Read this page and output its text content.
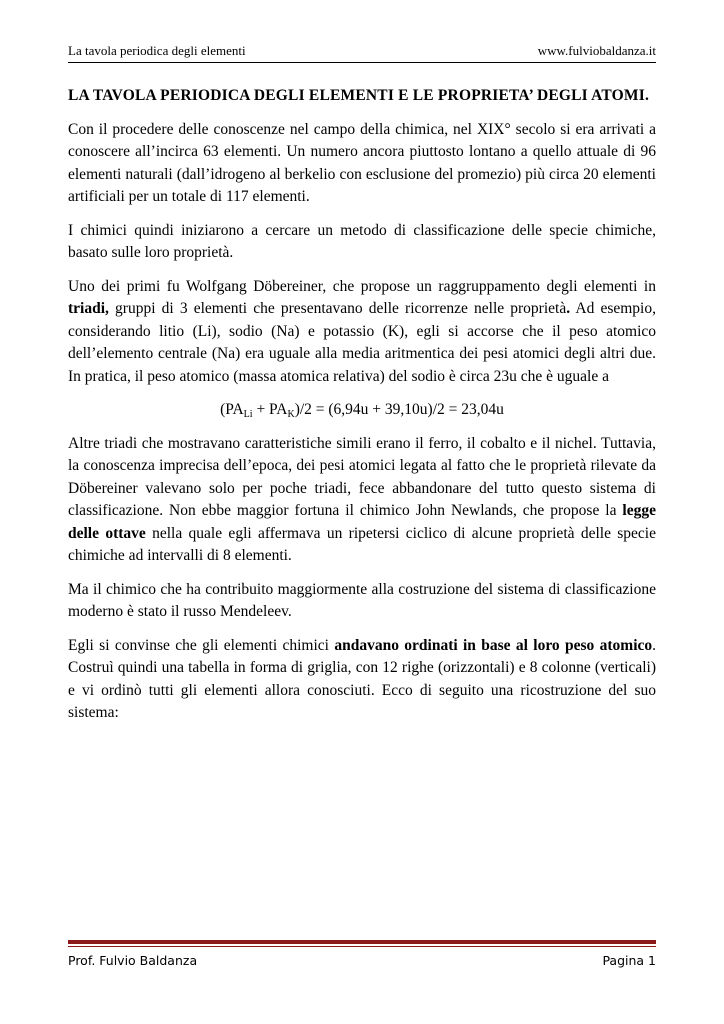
La tavola periodica degli elementi	www.fulviobaldanza.it
LA TAVOLA PERIODICA DEGLI ELEMENTI E LE PROPRIETA’ DEGLI ATOMI.

Con il procedere delle conoscenze nel campo della chimica, nel XIX° secolo si era arrivati a conoscere all’incirca 63 elementi. Un numero ancora piuttosto lontano a quello attuale di 96 elementi naturali (dall’idrogeno al berkelio con esclusione del promezio) più circa 20 elementi artificiali per un totale di 117 elementi.

I chimici quindi iniziarono a cercare un metodo di classificazione delle specie chimiche, basato sulle loro proprietà.

Uno dei primi fu Wolfgang Döbereiner, che propose un raggruppamento degli elementi in triadi, gruppi di 3 elementi che presentavano delle ricorrenze nelle proprietà. Ad esempio, considerando litio (Li), sodio (Na) e potassio (K), egli si accorse che il peso atomico dell’elemento centrale (Na) era uguale alla media aritmentica dei pesi atomici degli altri due. In pratica, il peso atomico (massa atomica relativa) del sodio è circa 23u che è uguale a

$(PA_{Li} + PA_K)/2 = (6,94u + 39,10u)/2 = 23,04u$

Altre triadi che mostravano caratteristiche simili erano il ferro, il cobalto e il nichel. Tuttavia, la conoscenza imprecisa dell’epoca, dei pesi atomici legata al fatto che le proprietà rilevate da Döbereiner valevano solo per poche triadi, fece abbandonare del tutto questo sistema di classificazione. Non ebbe maggior fortuna il chimico John Newlands, che propose la legge delle ottave nella quale egli affermava un ripetersi ciclico di alcune proprietà delle specie chimiche ad intervalli di 8 elementi.

Ma il chimico che ha contribuito maggiormente alla costruzione del sistema di classificazione moderno è stato il russo Mendeleev.

Egli si convinse che gli elementi chimici andavano ordinati in base al loro peso atomico. Costruì quindi una tabella in forma di griglia, con 12 righe (orizzontali) e 8 colonne (verticali) e vi ordinò tutti gli elementi allora conosciuti. Ecco di seguito una ricostruzione del suo sistema:

Prof. Fulvio Baldanza	Pagina 1
